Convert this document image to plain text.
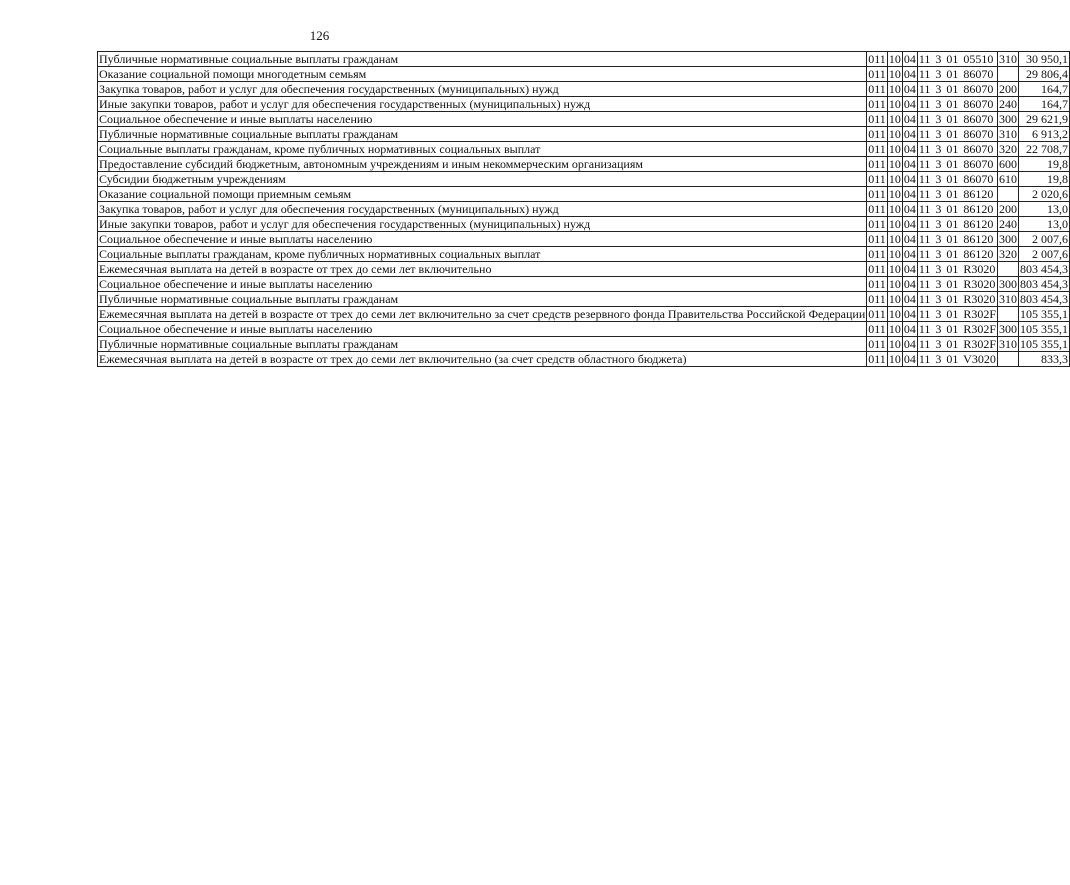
126
Публичные нормативные социальные выплаты гражданам	011	10	04	11 3 01 05510	310	30 950,1
Оказание социальной помощи многодетным семьям	011	10	04	11 3 01 86070		29 806,4
Закупка товаров, работ и услуг для обеспечения государственных (муниципальных) нужд	011	10	04	11 3 01 86070	200	164,7
Иные закупки товаров, работ и услуг для обеспечения государственных (муниципальных) нужд	011	10	04	11 3 01 86070	240	164,7
Социальное обеспечение и иные выплаты населению	011	10	04	11 3 01 86070	300	29 621,9
Публичные нормативные социальные выплаты гражданам	011	10	04	11 3 01 86070	310	6 913,2
Социальные выплаты гражданам, кроме публичных нормативных социальных выплат	011	10	04	11 3 01 86070	320	22 708,7
Предоставление субсидий бюджетным, автономным учреждениям и иным некоммерческим организациям	011	10	04	11 3 01 86070	600	19,8
Субсидии бюджетным учреждениям	011	10	04	11 3 01 86070	610	19,8
Оказание социальной помощи приемным семьям	011	10	04	11 3 01 86120		2 020,6
Закупка товаров, работ и услуг для обеспечения государственных (муниципальных) нужд	011	10	04	11 3 01 86120	200	13,0
Иные закупки товаров, работ и услуг для обеспечения государственных (муниципальных) нужд	011	10	04	11 3 01 86120	240	13,0
Социальное обеспечение и иные выплаты населению	011	10	04	11 3 01 86120	300	2 007,6
Социальные выплаты гражданам, кроме публичных нормативных социальных выплат	011	10	04	11 3 01 86120	320	2 007,6
Ежемесячная выплата на детей в возрасте от трех до семи лет включительно	011	10	04	11 3 01 R3020		803 454,3
Социальное обеспечение и иные выплаты населению	011	10	04	11 3 01 R3020	300	803 454,3
Публичные нормативные социальные выплаты гражданам	011	10	04	11 3 01 R3020	310	803 454,3
Ежемесячная выплата на детей в возрасте от трех до семи лет включительно за счет средств резервного фонда Правительства Российской Федерации	011	10	04	11 3 01 R302F		105 355,1
Социальное обеспечение и иные выплаты населению	011	10	04	11 3 01 R302F	300	105 355,1
Публичные нормативные социальные выплаты гражданам	011	10	04	11 3 01 R302F	310	105 355,1
Ежемесячная выплата на детей в возрасте от трех до семи лет включительно (за счет средств областного бюджета)	011	10	04	11 3 01 V3020		833,3
